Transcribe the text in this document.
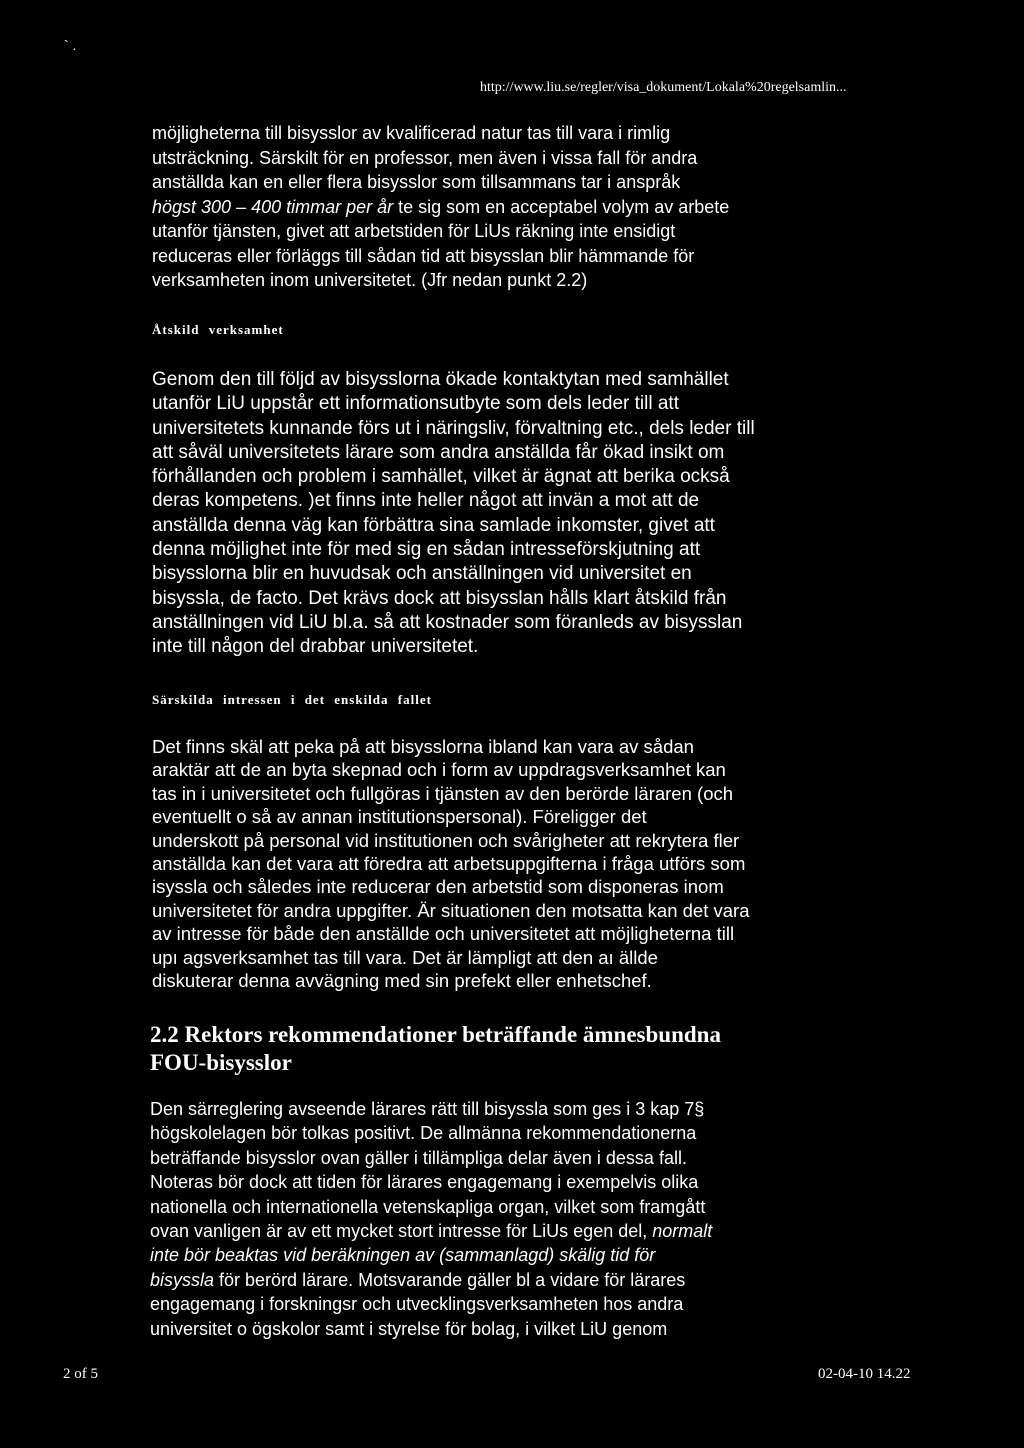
` .
http://www.liu.se/regler/visa_dokument/Lokala%20regelsamlin...

möjligheterna till bisysslor av kvalificerad natur tas till vara i rimlig

utsträckning. Särskilt för en professor, men även i vissa fall för andra

anställda kan en eller flera bisysslor som tillsammans tar i anspråk

högst 300 – 400 timmar per år te sig som en acceptabel volym av arbete

utanför tjänsten, givet att arbetstiden för LiUs räkning inte ensidigt

reduceras eller förläggs till sådan tid att bisysslan blir hämmande för

verksamheten inom universitetet. (Jfr nedan punkt 2.2)

Åtskild verksamhet

Genom den till följd av bisysslorna ökade kontaktytan med samhället

utanför LiU uppstår ett informationsutbyte som dels leder till att

universitetets kunnande förs ut i näringsliv, förvaltning etc., dels leder till

att såväl universitetets lärare som andra anställda får ökad insikt om

förhållanden och problem i samhället, vilket är ägnat att berika också

deras kompetens. )et finns inte heller något att invän a mot att de

anställda denna väg kan förbättra sina samlade inkomster, givet att

denna möjlighet inte för med sig en sådan intresseförskjutning att

bisysslorna blir en huvudsak och anställningen vid universitet en

bisyssla, de facto. Det krävs dock att bisysslan hålls klart åtskild från

anställningen vid LiU bl.a. så att kostnader som föranleds av bisysslan

inte till någon del drabbar universitetet.

Särskilda intressen i det enskilda fallet

Det finns skäl att peka på att bisysslorna ibland kan vara av sådan

araktär att de an byta skepnad och i form av uppdragsverksamhet kan

tas in i universitetet och fullgöras i tjänsten av den berörde läraren (och

eventuellt o så av annan institutionspersonal). Föreligger det

underskott på personal vid institutionen och svårigheter att rekrytera fler

anställda kan det vara att föredra att arbetsuppgifterna i fråga utförs som

isyssla och således inte reducerar den arbetstid som disponeras inom

universitetet för andra uppgifter. Är situationen den motsatta kan det vara

av intresse för både den anställde och universitetet att möjligheterna till

upı agsverksamhet tas till vara. Det är lämpligt att den aı ällde

diskuterar denna avvägning med sin prefekt eller enhetschef.

2.2 Rektors rekommendationer beträffande ämnesbundna

FOU-bisysslor

Den särreglering avseende lärares rätt till bisyssla som ges i 3 kap 7§

högskolelagen bör tolkas positivt. De allmänna rekommendationerna

beträffande bisysslor ovan gäller i tillämpliga delar även i dessa fall.

Noteras bör dock att tiden för lärares engagemang i exempelvis olika

nationella och internationella vetenskapliga organ, vilket som framgått

ovan vanligen är av ett mycket stort intresse för LiUs egen del, normalt

inte bör beaktas vid beräkningen av (sammanlagd) skälig tid för

bisyssla för berörd lärare. Motsvarande gäller bl a vidare för lärares

engagemang i forskningsr och utvecklingsverksamheten hos andra

universitet o ögskolor samt i styrelse för bolag, i vilket LiU genom

2 of 5	02-04-10 14.22
